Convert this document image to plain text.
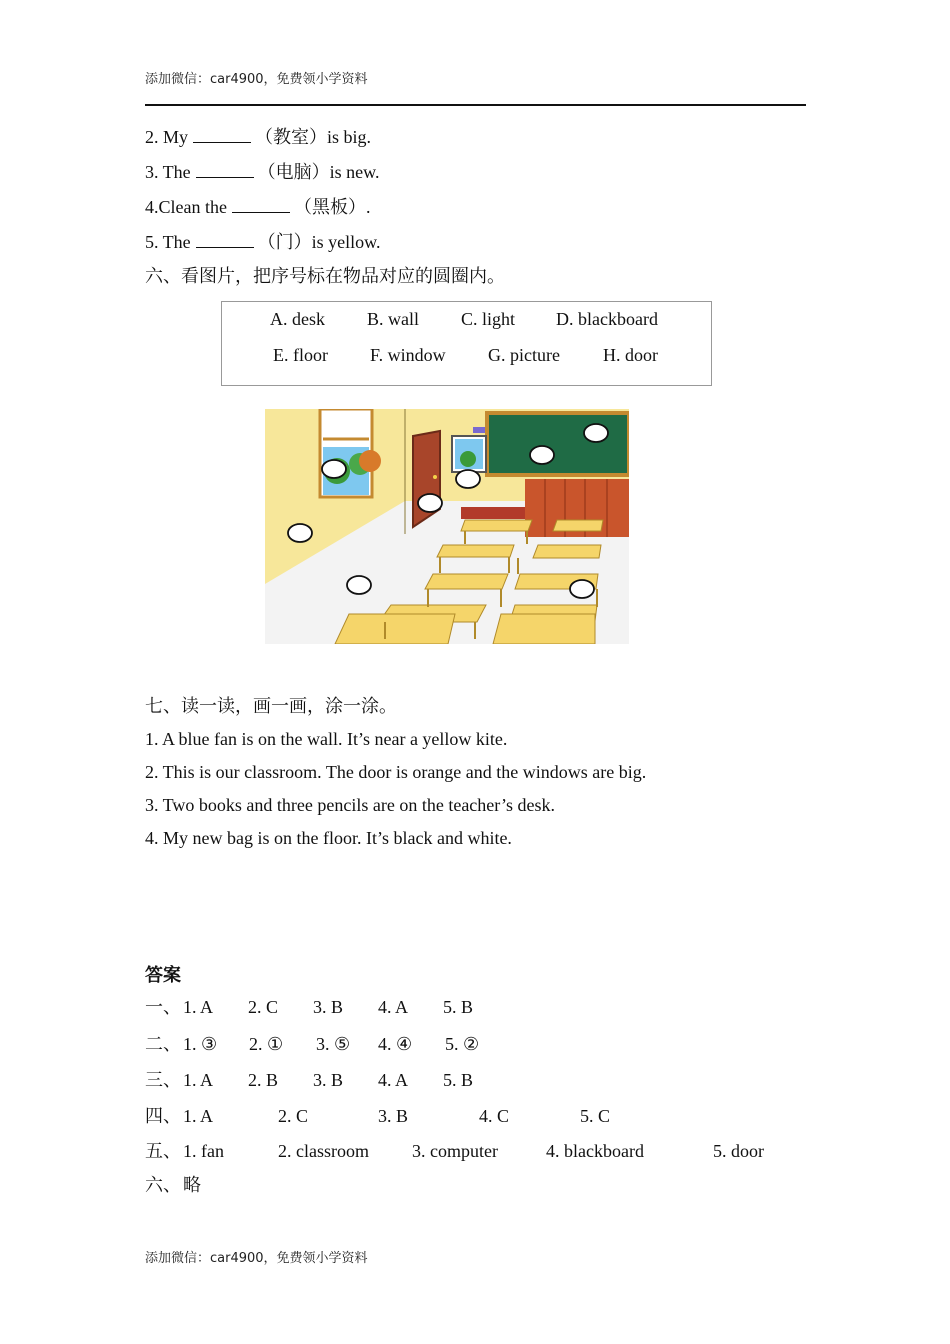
添加微信：car4900，免费领小学资料
2. My	（教室）is big.
3. The	（电脑）is new.
4.Clean the	（黑板）.
5. The	（门）is yellow.
六、看图片，把序号标在物品对应的圆圈内。
A. desk B. wall C. light D. blackboard
E. floor F. window G. picture H. door
七、读一读，画一画，涂一涂。
1. A blue fan is on the wall. It’s near a yellow kite.
2. This is our classroom. The door is orange and the windows are big.
3. Two books and three pencils are on the teacher’s desk.
4. My new bag is on the floor. It’s black and white.
答案
一、 1. A 2. C 3. B 4. A 5. B
二、 1. ③ 2. ① 3. ⑤ 4. ④ 5. ②
三、 1. A 2. B 3. B 4. A 5. B
四、 1. A	2. C	3. B	4. C	5. C
五、 1. fan	2. classroom 3. computer	4. blackboard	5. door
六、 略
添加微信：car4900，免费领小学资料
